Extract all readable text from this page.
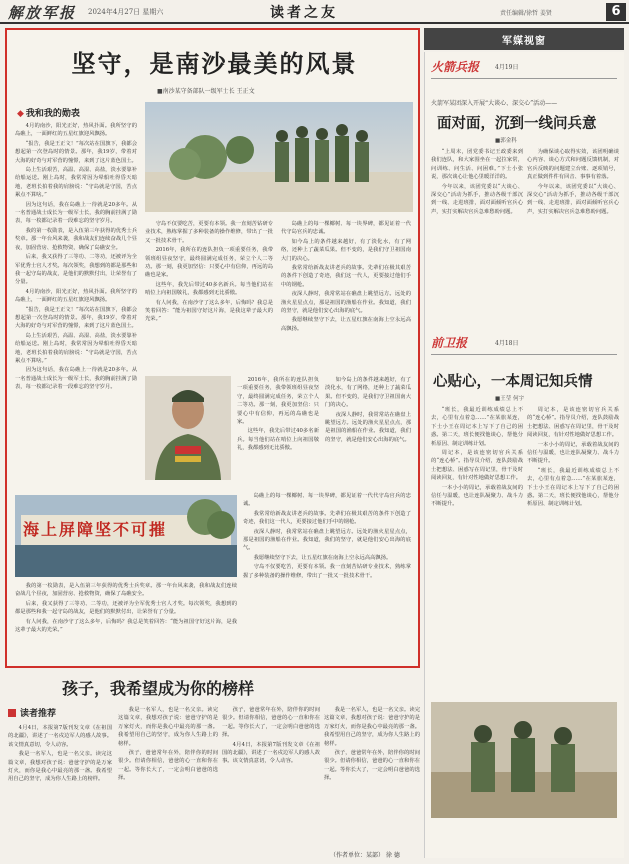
解放军报 2024年4月27日 星期六	读者之友	责任编辑/徐哲 姜贤	6
坚守，是南沙最美的风景
■南沙某守备部队一级军士长 王正文
◆ 我和我的勋表

4月的南沙，阳光正好，热风扑面。我所坚守的岛礁上，一面鲜红的五星红旗迎风飘扬。

“报告，我是王正文！”每次站在国旗下，我都会想起第一次登岛时的情景。那年，我19岁，带着对大海的好奇与对军营的憧憬，来到了这片蓝色国土。

岛上生活艰苦，高温、高湿、高盐，淡水要靠补给船运送。刚上岛时，我常常因为晕船吐得昏天暗地，老班长拍着我的肩膀说：“守岛就是守国，苦点累点不算啥。”

因为这句话，我在岛礁上一待就是20多年。从一名普通战士成长为一级军士长，我的胸前挂满了勋表，每一枚都记录着一段难忘的坚守岁月。

我的第一枚勋表，是入伍第三年获得的优秀士兵奖章。那一年台风来袭，我和战友们连续奋战几个昼夜，加固营房、抢救物资，确保了岛礁安全。

后来，我又获得了三等功、二等功，还被评为全军优秀士官人才奖。每次领奖，我想到的都是那些和我一起守岛的战友，是他们的默默付出，让荣誉有了分量。

4月的南沙，阳光正好，热风扑面。我所坚守的岛礁上，一面鲜红的五星红旗迎风飘扬。

“报告，我是王正文！”每次站在国旗下，我都会想起第一次登岛时的情景。那年，我19岁，带着对大海的好奇与对军营的憧憬，来到了这片蓝色国土。

岛上生活艰苦，高温、高湿、高盐，淡水要靠补给船运送。刚上岛时，我常常因为晕船吐得昏天暗地，老班长拍着我的肩膀说：“守岛就是守国，苦点累点不算啥。”

因为这句话，我在岛礁上一待就是20多年。从一名普通战士成长为一级军士长，我的胸前挂满了勋表，每一枚都记录着一段难忘的坚守岁月。

守岛不仅要吃苦，更要有本领。我一直刻苦钻研专业技术，熟练掌握了多种装备的操作维修，带出了一批又一批技术骨干。

2016年，我所在的连队担负一项重要任务，我带领班组昼夜坚守，最终圆满完成任务，荣立个人二等功。那一刻，我更加坚信：只要心中有信仰，再远的岛礁也是家。

这些年，我先后带过40多名新兵。每当他们站在哨位上向祖国敬礼，我都感到无比骄傲。

有人问我，在南沙守了这么多年，后悔吗？我总是笑着回答：“能为祖国守好这片海，是我这辈子最大的光荣。”

岛礁上的每一棵椰树、每一块界碑，都见证着一代代守岛官兵的忠诚。

如今岛上的条件越来越好，有了淡化水，有了网络，还种上了蔬菜瓜果。但不变的，是我们守卫祖国南大门的决心。

我常常给新战友讲老兵的故事。先辈们在极其艰苦的条件下创造了奇迹，我们这一代人，更要接过他们手中的钢枪。

夜深人静时，我常常站在礁盘上眺望远方。远处的渔火星星点点，那是祖国的渔船在作业。我知道，我们的坚守，就是他们安心出海的底气。

我愿继续坚守下去，让五星红旗在南海上空永远高高飘扬。

2016年，我所在的连队担负一项重要任务，我带领班组昼夜坚守，最终圆满完成任务，荣立个人二等功。那一刻，我更加坚信：只要心中有信仰，再远的岛礁也是家。

这些年，我先后带过40多名新兵。每当他们站在哨位上向祖国敬礼，我都感到无比骄傲。

如今岛上的条件越来越好，有了淡化水，有了网络，还种上了蔬菜瓜果。但不变的，是我们守卫祖国南大门的决心。

夜深人静时，我常常站在礁盘上眺望远方。远处的渔火星星点点，那是祖国的渔船在作业。我知道，我们的坚守，就是他们安心出海的底气。

海上屏障坚不可摧

我的第一枚勋表，是入伍第三年获得的优秀士兵奖章。那一年台风来袭，我和战友们连续奋战几个昼夜，加固营房、抢救物资，确保了岛礁安全。

后来，我又获得了三等功、二等功，还被评为全军优秀士官人才奖。每次领奖，我想到的都是那些和我一起守岛的战友，是他们的默默付出，让荣誉有了分量。

有人问我，在南沙守了这么多年，后悔吗？我总是笑着回答：“能为祖国守好这片海，是我这辈子最大的光荣。”

岛礁上的每一棵椰树、每一块界碑，都见证着一代代守岛官兵的忠诚。

我常常给新战友讲老兵的故事。先辈们在极其艰苦的条件下创造了奇迹，我们这一代人，更要接过他们手中的钢枪。

夜深人静时，我常常站在礁盘上眺望远方。远处的渔火星星点点，那是祖国的渔船在作业。我知道，我们的坚守，就是他们安心出海的底气。

我愿继续坚守下去，让五星红旗在南海上空永远高高飘扬。

守岛不仅要吃苦，更要有本领。我一直刻苦钻研专业技术，熟练掌握了多种装备的操作维修，带出了一批又一批技术骨干。

军媒视窗
火箭兵报	4月19日
火箭军某团深入开展“大谈心、深交心”活动——
面对面，沉到一线问兵意
■郭金科

“上周末，团党委书记王政委来到我们连队，和大家围坐在一起拉家常，问训练、问生活、问困难。”下士小张说，那次谈心让他心里暖洋洋的。

今年以来，该团党委以“大谈心、深交心”活动为抓手，推动各级干部沉到一线、走进班排，面对面倾听官兵心声，实打实解决官兵急难愁盼问题。

为确保谈心取得实效，该团明确谈心内容、谈心方式和问题反馈机制，对官兵反映的问题建立台账、逐项销号，真正做到件件有回音、事事有着落。

今年以来，该团党委以“大谈心、深交心”活动为抓手，推动各级干部沉到一线、走进班排，面对面倾听官兵心声，实打实解决官兵急难愁盼问题。

前卫报	4月18日
心贴心，一本周记知兵情
■王莹 何宇

“班长，我最近训练成绩总上不去，心里有点着急……”在某旅某连，下士小王在周记本上写下了自己的困惑。第二天，班长便找他谈心，帮他分析原因、制定训练计划。

周记本，是该连密切官兵关系的“连心桥”。指导员介绍，连队鼓励战士把想法、困惑写在周记里，骨干及时阅读回复，有针对性地做好思想工作。

一本小小的周记，承载着战友间的信任与温暖，也让连队凝聚力、战斗力不断提升。

周记本，是该连密切官兵关系的“连心桥”。指导员介绍，连队鼓励战士把想法、困惑写在周记里，骨干及时阅读回复，有针对性地做好思想工作。

一本小小的周记，承载着战友间的信任与温暖，也让连队凝聚力、战斗力不断提升。

“班长，我最近训练成绩总上不去，心里有点着急……”在某旅某连，下士小王在周记本上写下了自己的困惑。第二天，班长便找他谈心，帮他分析原因、制定训练计划。

孩子，我希望成为你的榜样
读者推荐

4月4日，本报第7版刊发文章《在祖国的北疆》，讲述了一名戍边军人的感人故事。该文情真意切，令人动容。

我是一名军人，也是一名父亲。读完这篇文章，我想对孩子说：爸爸守护的是万家灯火，而你是我心中最亮的那一盏。我希望用自己的坚守，成为你人生路上的榜样。

我是一名军人，也是一名父亲。读完这篇文章，我想对孩子说：爸爸守护的是万家灯火，而你是我心中最亮的那一盏。我希望用自己的坚守，成为你人生路上的榜样。

孩子，爸爸常年在外，陪伴你的时间很少。但请你相信，爸爸的心一直和你在一起。等你长大了，一定会明白爸爸的选择。

孩子，爸爸常年在外，陪伴你的时间很少。但请你相信，爸爸的心一直和你在一起。等你长大了，一定会明白爸爸的选择。

4月4日，本报第7版刊发文章《在祖国的北疆》，讲述了一名戍边军人的感人故事。该文情真意切，令人动容。

我是一名军人，也是一名父亲。读完这篇文章，我想对孩子说：爸爸守护的是万家灯火，而你是我心中最亮的那一盏。我希望用自己的坚守，成为你人生路上的榜样。

孩子，爸爸常年在外，陪伴你的时间很少。但请你相信，爸爸的心一直和你在一起。等你长大了，一定会明白爸爸的选择。

（作者单位：某部） 徐 德
